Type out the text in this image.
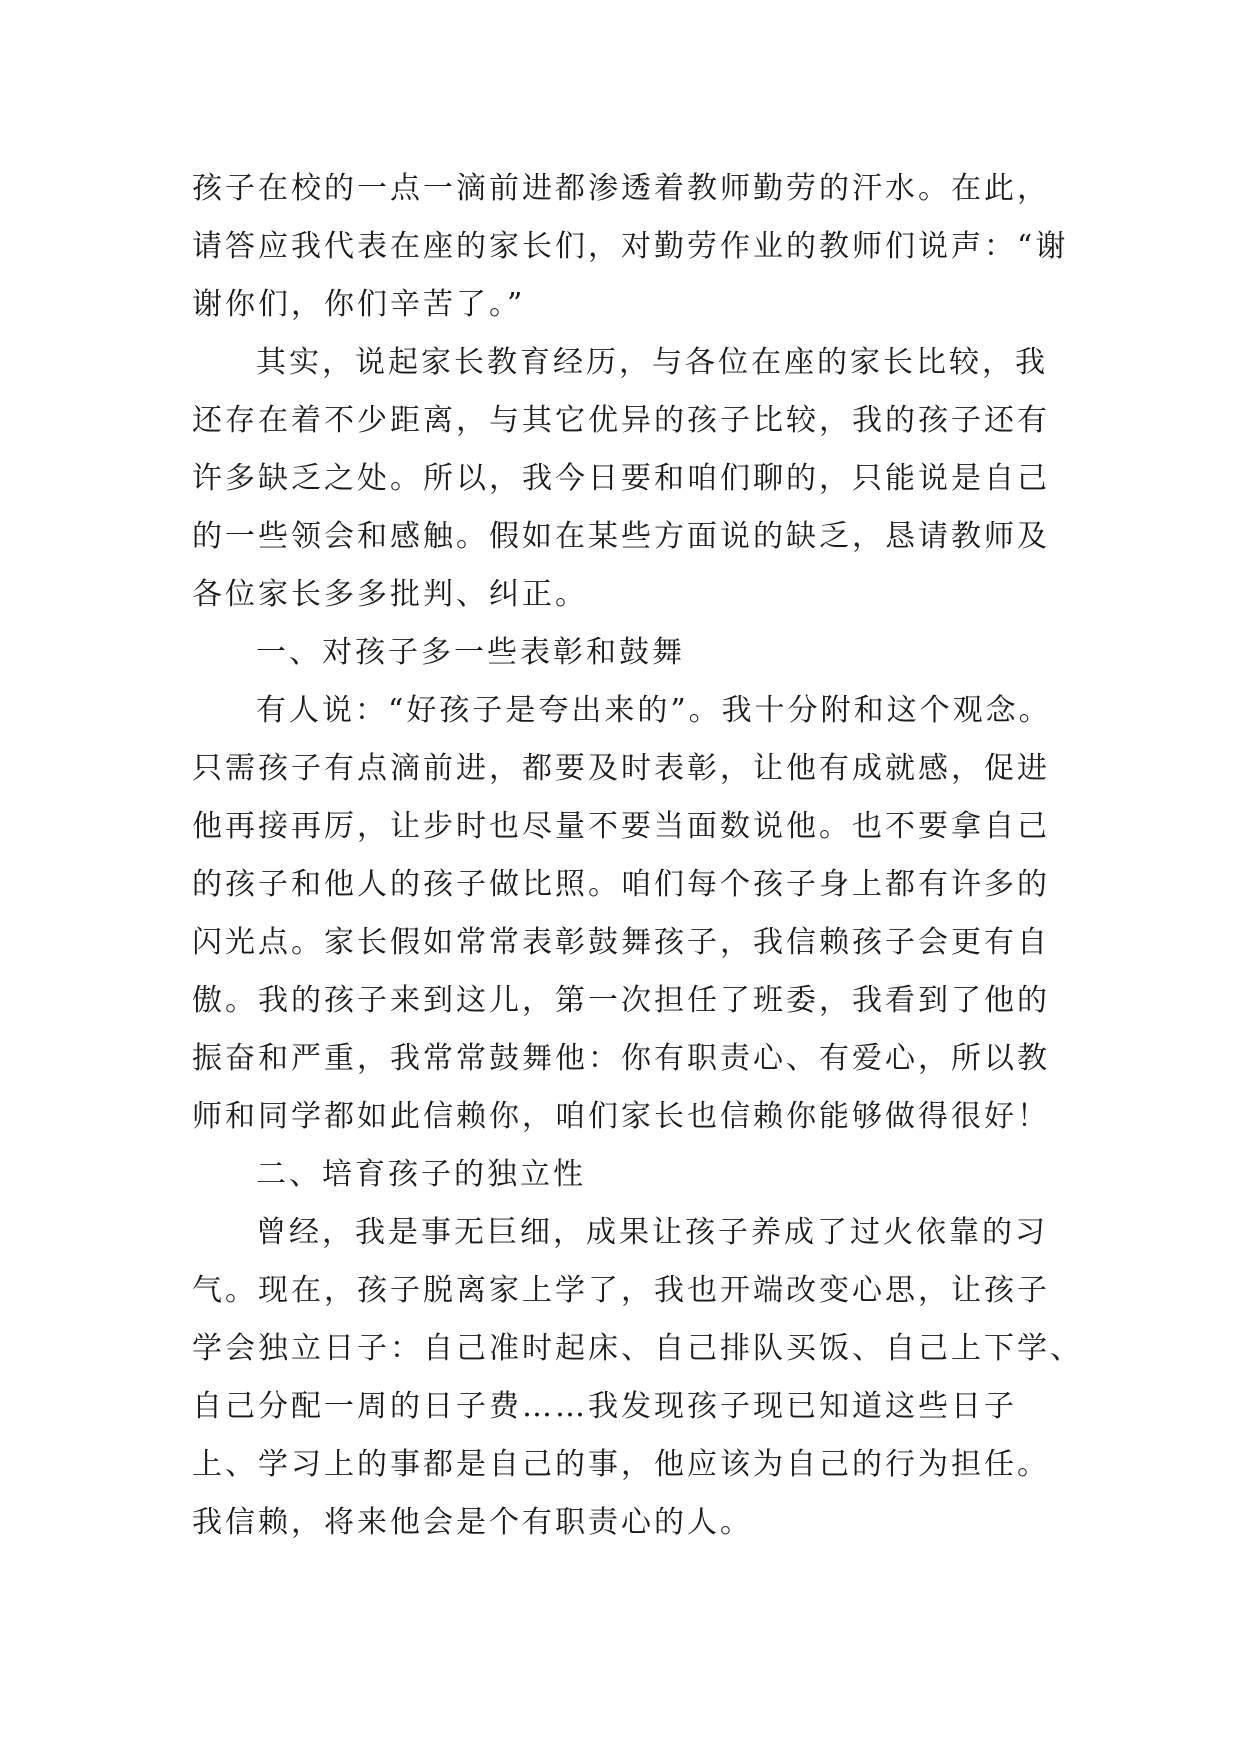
孩子在校的一点一滴前进都渗透着教师勤劳的汗水。在此，
请答应我代表在座的家长们，对勤劳作业的教师们说声：“谢
谢你们，你们辛苦了。”
其实，说起家长教育经历，与各位在座的家长比较，我
还存在着不少距离，与其它优异的孩子比较，我的孩子还有
许多缺乏之处。所以，我今日要和咱们聊的，只能说是自己
的一些领会和感触。假如在某些方面说的缺乏，恳请教师及
各位家长多多批判、纠正。
一、对孩子多一些表彰和鼓舞
有人说：“好孩子是夸出来的”。我十分附和这个观念。
只需孩子有点滴前进，都要及时表彰，让他有成就感，促进
他再接再厉，让步时也尽量不要当面数说他。也不要拿自己
的孩子和他人的孩子做比照。咱们每个孩子身上都有许多的
闪光点。家长假如常常表彰鼓舞孩子，我信赖孩子会更有自
傲。我的孩子来到这儿，第一次担任了班委，我看到了他的
振奋和严重，我常常鼓舞他：你有职责心、有爱心，所以教
师和同学都如此信赖你，咱们家长也信赖你能够做得很好！
二、培育孩子的独立性
曾经，我是事无巨细，成果让孩子养成了过火依靠的习
气。现在，孩子脱离家上学了，我也开端改变心思，让孩子
学会独立日子：自己准时起床、自己排队买饭、自己上下学、
自己分配一周的日子费……我发现孩子现已知道这些日子
上、学习上的事都是自己的事，他应该为自己的行为担任。
我信赖，将来他会是个有职责心的人。
